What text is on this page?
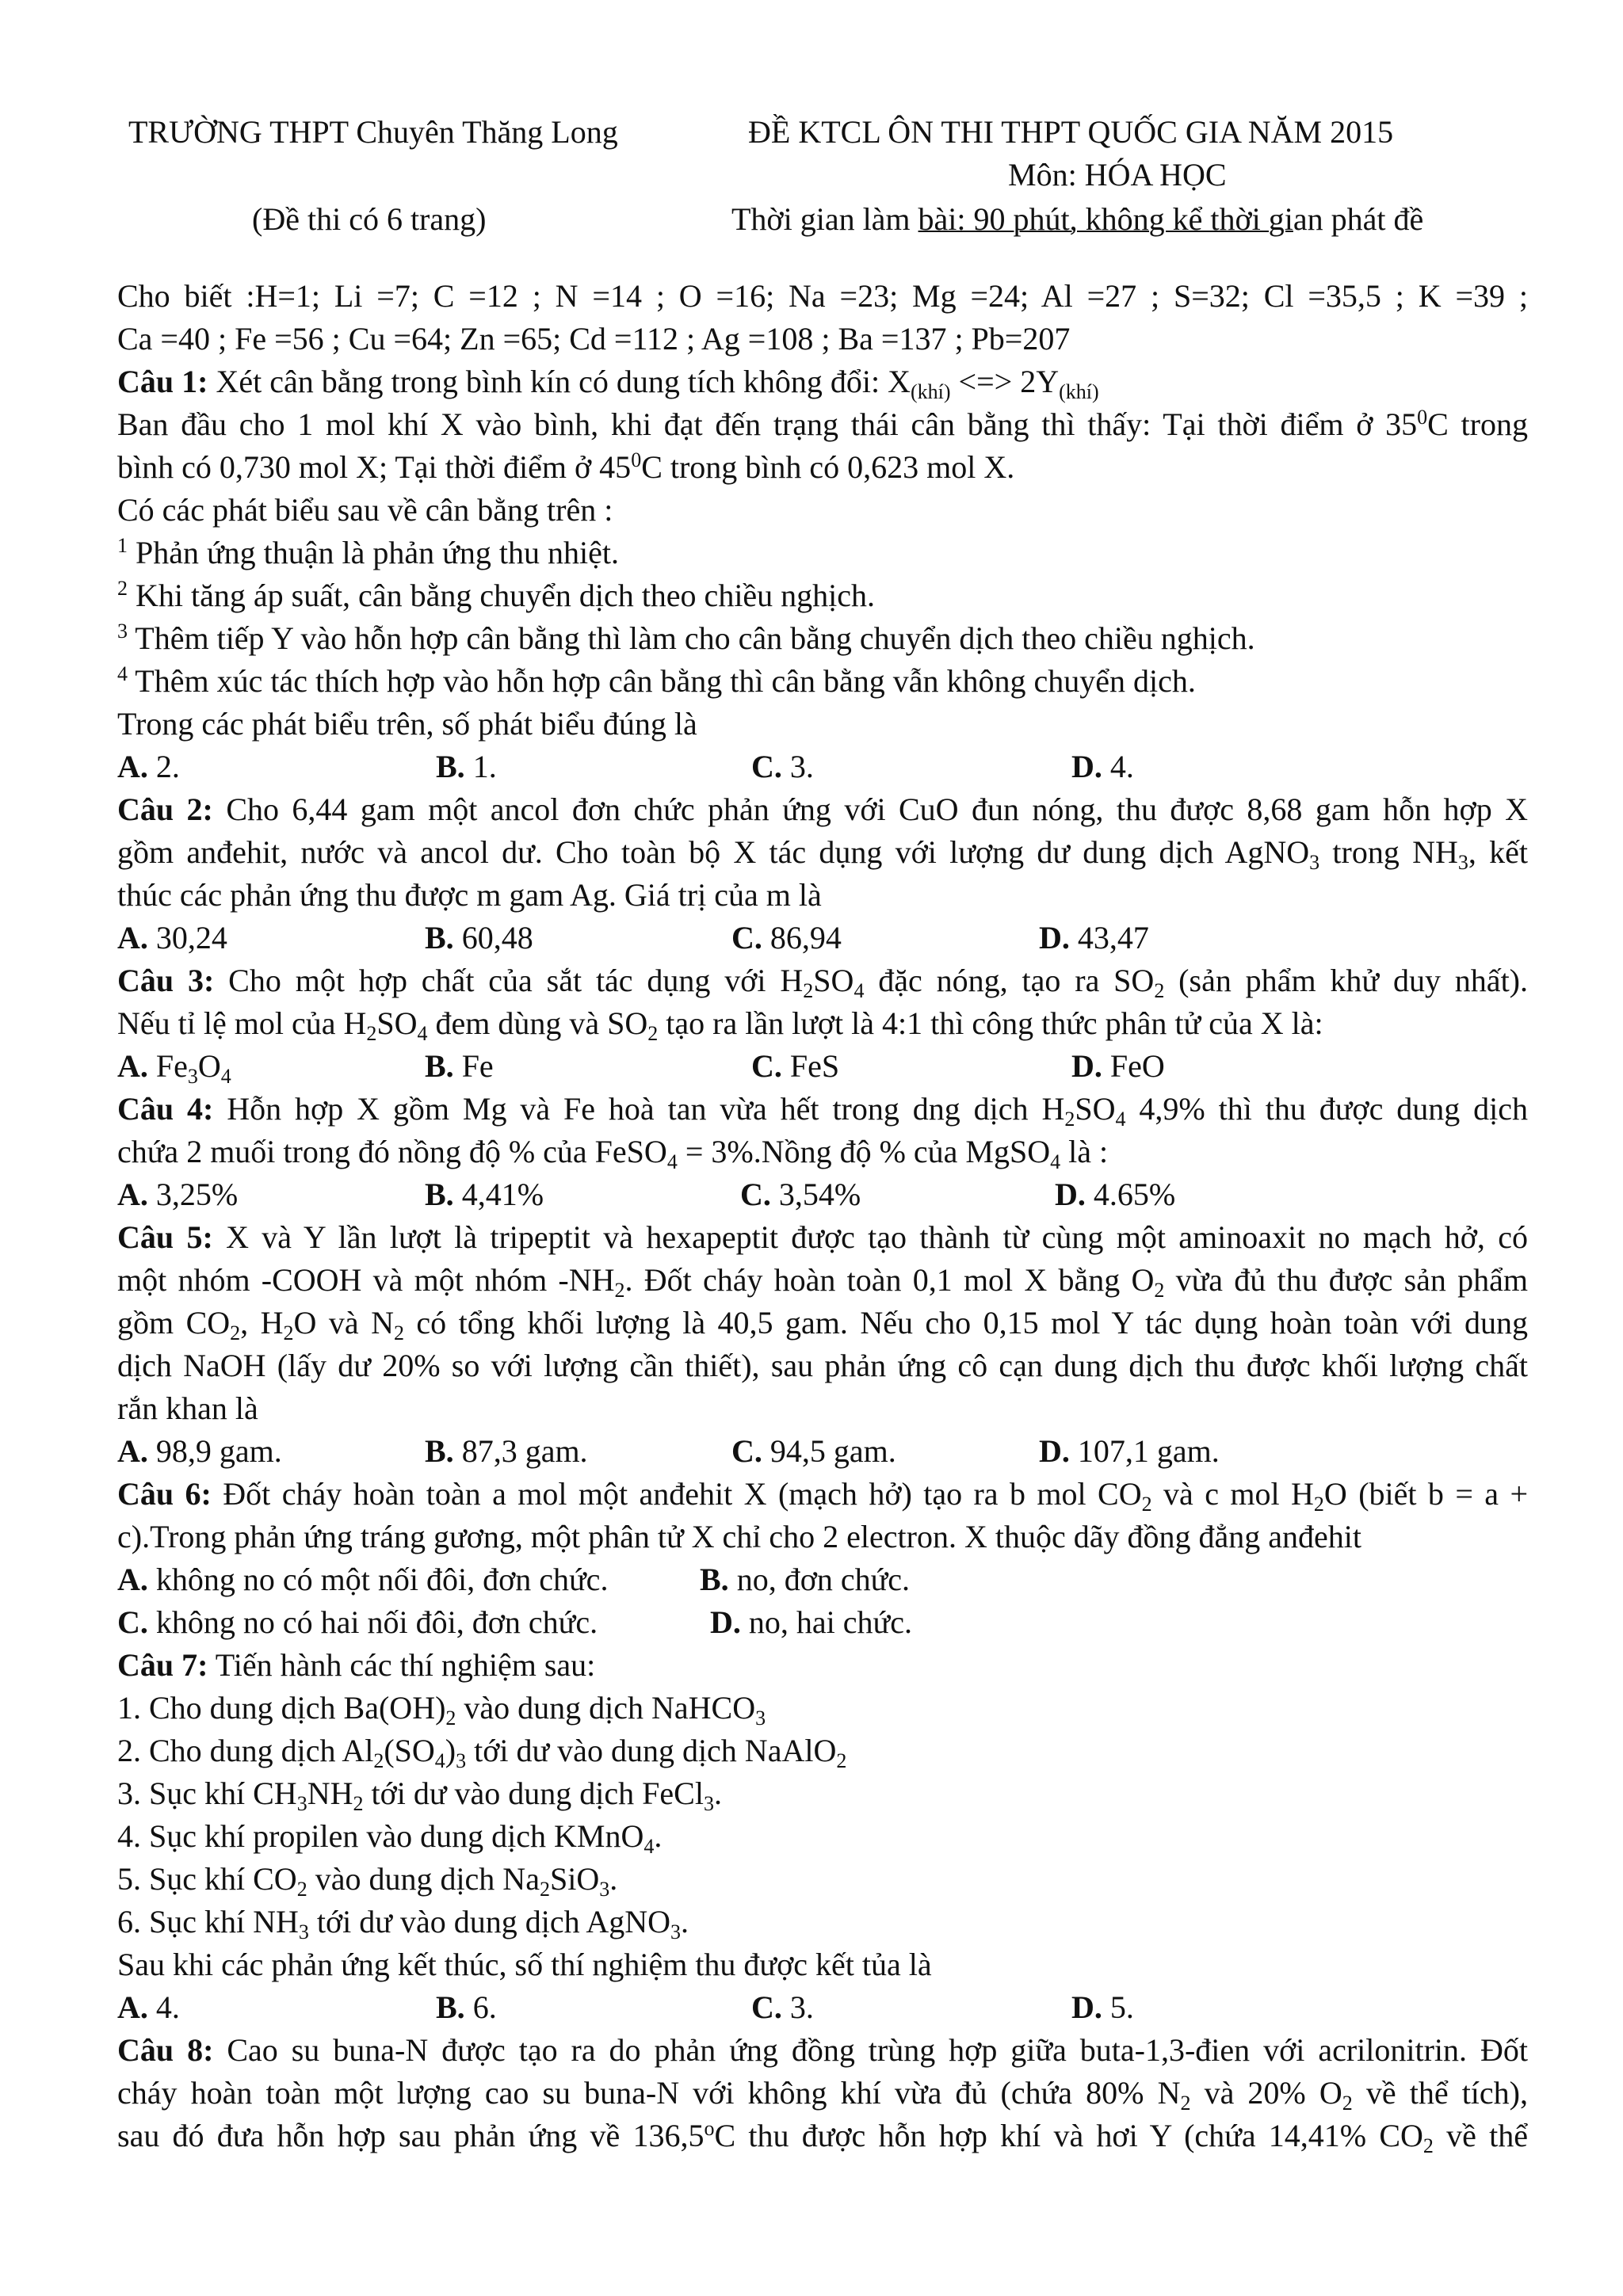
TRƯỜNG THPT Chuyên Thăng Long	ĐỀ KTCL ÔN THI THPT QUỐC GIA NĂM 2015
Môn: HÓA HỌC
(Đề thi có 6 trang)	Thời gian làm bài: 90 phút, không kể thời gian phát đề
Cho biết :H=1; Li =7; C =12 ; N =14 ; O =16; Na =23; Mg =24; Al =27 ; S=32; Cl =35,5 ; K =39 ;
Ca =40 ; Fe =56 ; Cu =64; Zn =65; Cd =112 ; Ag =108 ; Ba =137 ; Pb=207
Câu 1: Xét cân bằng trong bình kín có dung tích không đổi: $X_{(khí)}$ <=> $2Y_{(khí)}$
Ban đầu cho 1 mol khí X vào bình, khi đạt đến trạng thái cân bằng thì thấy: Tại thời điểm ở $35^0C$ trong
bình có 0,730 mol X; Tại thời điểm ở $45^0C$ trong bình có 0,623 mol X.
Có các phát biểu sau về cân bằng trên :
$^1$ Phản ứng thuận là phản ứng thu nhiệt.
$^2$ Khi tăng áp suất, cân bằng chuyển dịch theo chiều nghịch.
$^3$ Thêm tiếp Y vào hỗn hợp cân bằng thì làm cho cân bằng chuyển dịch theo chiều nghịch.
$^4$ Thêm xúc tác thích hợp vào hỗn hợp cân bằng thì cân bằng vẫn không chuyển dịch.
Trong các phát biểu trên, số phát biểu đúng là
A. 2.	B. 1.	C. 3.	D. 4.
Câu 2: Cho 6,44 gam một ancol đơn chức phản ứng với CuO đun nóng, thu được 8,68 gam hỗn hợp X
gồm anđehit, nước và ancol dư. Cho toàn bộ X tác dụng với lượng dư dung dịch AgNO$_3$ trong $NH_3$, kết
thúc các phản ứng thu được m gam Ag. Giá trị của m là
A. 30,24	B. 60,48	C. 86,94	D. 43,47
Câu 3: Cho một hợp chất của sắt tác dụng với $H_2SO_4$ đặc nóng, tạo ra $SO_2$ (sản phẩm khử duy nhất).
Nếu tỉ lệ mol của $H_2SO_4$ đem dùng và $SO_2$ tạo ra lần lượt là 4:1 thì công thức phân tử của X là:
A. $Fe_3O_4$	B. Fe	C. FeS	D. FeO
Câu 4: Hỗn hợp X gồm Mg và Fe hoà tan vừa hết trong dng dịch $H_2SO_4$ 4,9% thì thu được dung dịch
chứa 2 muối trong đó nồng độ % của FeSO$_4$ = 3%.Nồng độ % của MgSO$_4$ là :
A. 3,25%	B. 4,41%	C. 3,54%	D. 4.65%
Câu 5: X và Y lần lượt là tripeptit và hexapeptit được tạo thành từ cùng một aminoaxit no mạch hở, có
một nhóm -COOH và một nhóm $-NH_2$. Đốt cháy hoàn toàn 0,1 mol X bằng $O_2$ vừa đủ thu được sản phẩm
gồm $CO_2$, $H_2O$ và $N_2$ có tổng khối lượng là 40,5 gam. Nếu cho 0,15 mol Y tác dụng hoàn toàn với dung
dịch NaOH (lấy dư 20% so với lượng cần thiết), sau phản ứng cô cạn dung dịch thu được khối lượng chất
rắn khan là
A. 98,9 gam.	B. 87,3 gam.	C. 94,5 gam.	D. 107,1 gam.
Câu 6: Đốt cháy hoàn toàn a mol một anđehit X (mạch hở) tạo ra b mol $CO_2$ và c mol $H_2O$ (biết b = a +
c).Trong phản ứng tráng gương, một phân tử X chỉ cho 2 electron. X thuộc dãy đồng đẳng anđehit
A. không no có một nối đôi, đơn chức.	B. no, đơn chức.
C. không no có hai nối đôi, đơn chức.	D. no, hai chức.
Câu 7: Tiến hành các thí nghiệm sau:
1. Cho dung dịch $Ba(OH)_2$ vào dung dịch NaHCO$_3$
2. Cho dung dịch $Al_2(SO_4)_3$ tới dư vào dung dịch NaAlO$_2$
3. Sục khí $CH_3NH_2$ tới dư vào dung dịch FeCl$_3$.
4. Sục khí propilen vào dung dịch KMnO$_4$.
5. Sục khí $CO_2$ vào dung dịch $Na_2SiO_3$.
6. Sục khí $NH_3$ tới dư vào dung dịch AgNO$_3$.
Sau khi các phản ứng kết thúc, số thí nghiệm thu được kết tủa là
A. 4.	B. 6.	C. 3.	D. 5.
Câu 8: Cao su buna-N được tạo ra do phản ứng đồng trùng hợp giữa buta-1,3-đien với acrilonitrin. Đốt
cháy hoàn toàn một lượng cao su buna-N với không khí vừa đủ (chứa 80% $N_2$ và 20% $O_2$ về thể tích),
sau đó đưa hỗn hợp sau phản ứng về 136,5$^o$C thu được hỗn hợp khí và hơi Y (chứa 14,41% $CO_2$ về thể
